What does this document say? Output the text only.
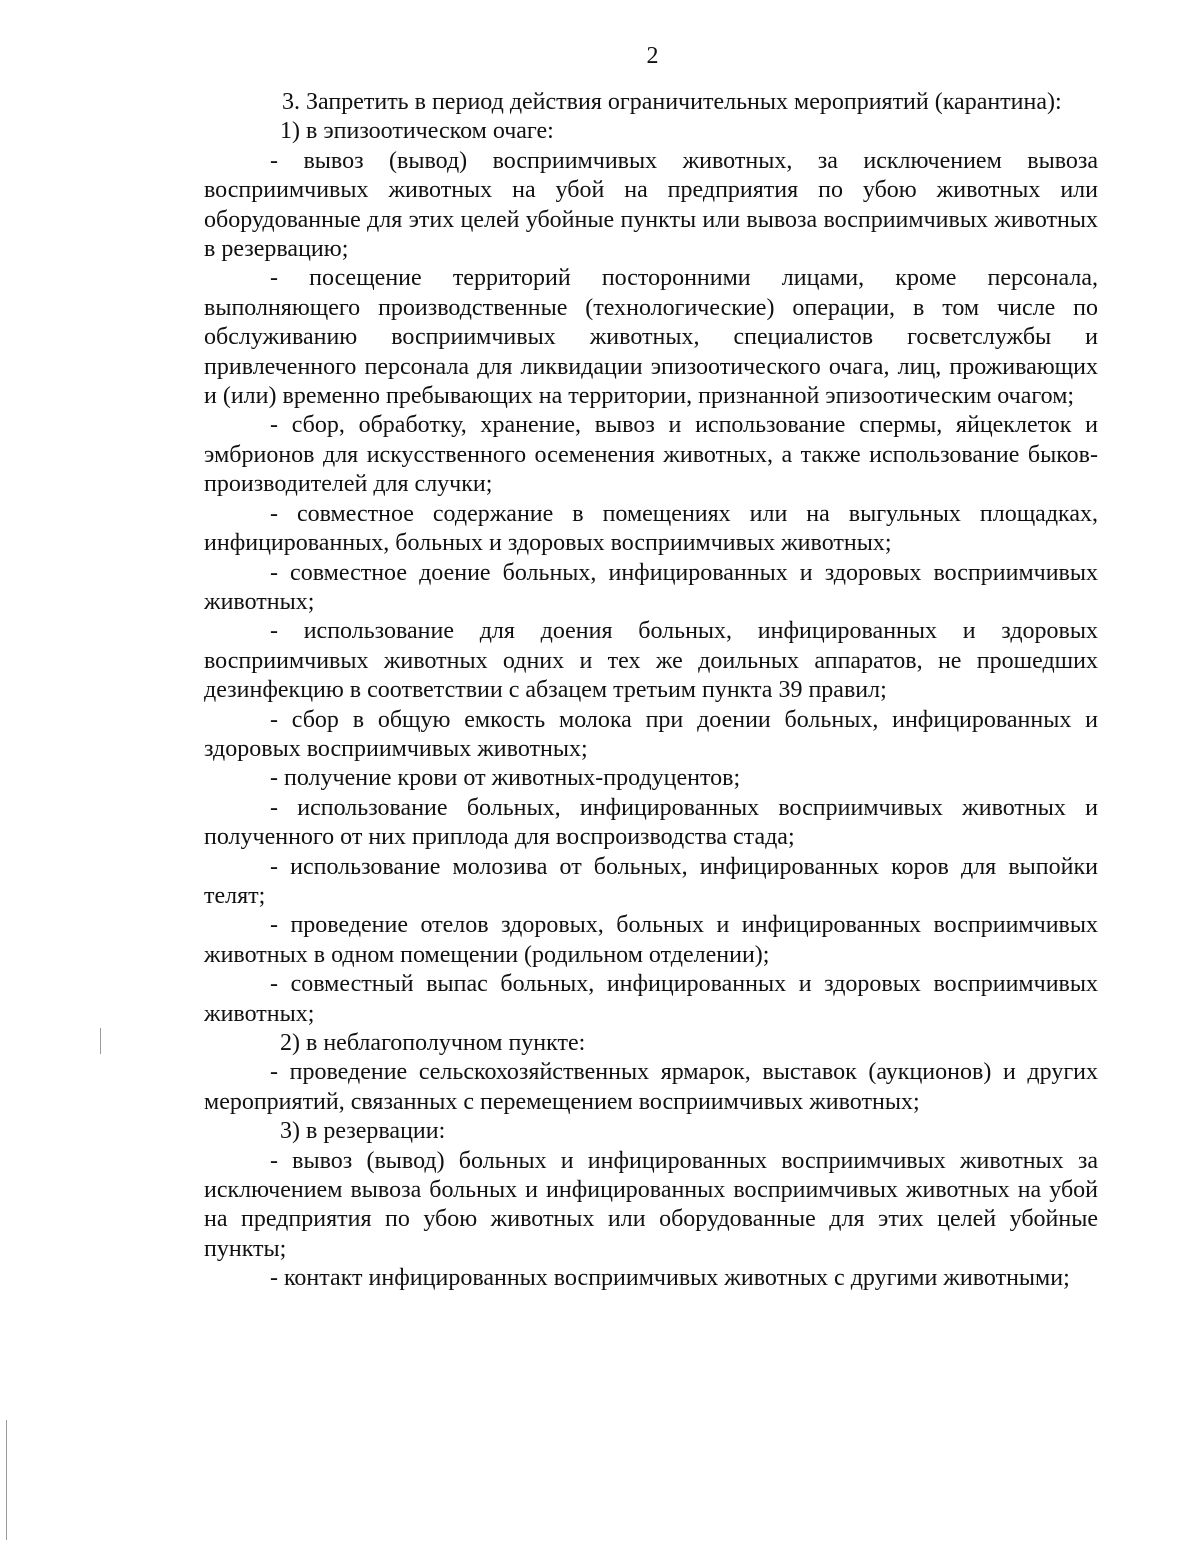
2

3. Запретить в период действия ограничительных мероприятий (карантина):

1) в эпизоотическом очаге:

- вывоз (вывод) восприимчивых животных, за исключением вывоза восприимчивых животных на убой на предприятия по убою животных или оборудованные для этих целей убойные пункты или вывоза восприимчивых животных в резервацию;

- посещение территорий посторонними лицами, кроме персонала, выполняющего производственные (технологические) операции, в том числе по обслуживанию восприимчивых животных, специалистов госветслужбы и привлеченного персонала для ликвидации эпизоотического очага, лиц, проживающих и (или) временно пребывающих на территории, признанной эпизоотическим очагом;

- сбор, обработку, хранение, вывоз и использование спермы, яйцеклеток и эмбрионов для искусственного осеменения животных, а также использование быков-производителей для случки;

- совместное содержание в помещениях или на выгульных площадках, инфицированных, больных и здоровых восприимчивых животных;

- совместное доение больных, инфицированных и здоровых восприимчивых животных;

- использование для доения больных, инфицированных и здоровых восприимчивых животных одних и тех же доильных аппаратов, не прошедших дезинфекцию в соответствии с абзацем третьим пункта 39 правил;

- сбор в общую емкость молока при доении больных, инфицированных и здоровых восприимчивых животных;

- получение крови от животных-продуцентов;

- использование больных, инфицированных восприимчивых животных и полученного от них приплода для воспроизводства стада;

- использование молозива от больных, инфицированных коров для выпойки телят;

- проведение отелов здоровых, больных и инфицированных восприимчивых животных в одном помещении (родильном отделении);

- совместный выпас больных, инфицированных и здоровых восприимчивых животных;

2) в неблагополучном пункте:

- проведение сельскохозяйственных ярмарок, выставок (аукционов) и других мероприятий, связанных с перемещением восприимчивых животных;

3) в резервации:

- вывоз (вывод) больных и инфицированных восприимчивых животных за исключением вывоза больных и инфицированных восприимчивых животных на убой на предприятия по убою животных или оборудованные для этих целей убойные пункты;

- контакт инфицированных восприимчивых животных с другими животными;
